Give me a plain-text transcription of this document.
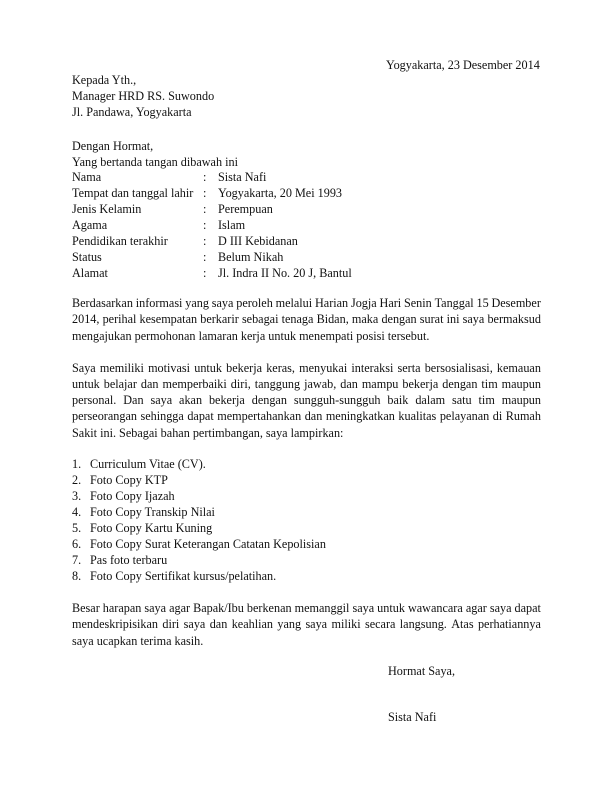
Yogyakarta, 23 Desember 2014
Kepada Yth.,
Manager HRD RS. Suwondo
Jl. Pandawa, Yogyakarta
Dengan Hormat,
Yang bertanda tangan dibawah ini
Nama	: Sista Nafi
Tempat dan tanggal lahir : Yogyakarta, 20 Mei 1993
Jenis Kelamin	: Perempuan
Agama	: Islam
Pendidikan terakhir	: D III Kebidanan
Status	: Belum Nikah
Alamat	: Jl. Indra II No. 20 J, Bantul
Berdasarkan informasi yang saya peroleh melalui Harian Jogja Hari Senin Tanggal 15 Desember
2014, perihal kesempatan berkarir sebagai tenaga Bidan, maka dengan surat ini saya bermaksud
mengajukan permohonan lamaran kerja untuk menempati posisi tersebut.
Saya memiliki motivasi untuk bekerja keras, menyukai interaksi serta bersosialisasi, kemauan
untuk belajar dan memperbaiki diri, tanggung jawab, dan mampu bekerja dengan tim maupun
personal. Dan saya akan bekerja dengan sungguh-sungguh baik dalam satu tim maupun
perseorangan sehingga dapat mempertahankan dan meningkatkan kualitas pelayanan di Rumah
Sakit ini. Sebagai bahan pertimbangan, saya lampirkan:
1. Curriculum Vitae (CV).
2. Foto Copy KTP
3. Foto Copy Ijazah
4. Foto Copy Transkip Nilai
5. Foto Copy Kartu Kuning
6. Foto Copy Surat Keterangan Catatan Kepolisian
7. Pas foto terbaru
8. Foto Copy Sertifikat kursus/pelatihan.
Besar harapan saya agar Bapak/Ibu berkenan memanggil saya untuk wawancara agar saya dapat
mendeskripisikan diri saya dan keahlian yang saya miliki secara langsung. Atas perhatiannya
saya ucapkan terima kasih.
Hormat Saya,
Sista Nafi
